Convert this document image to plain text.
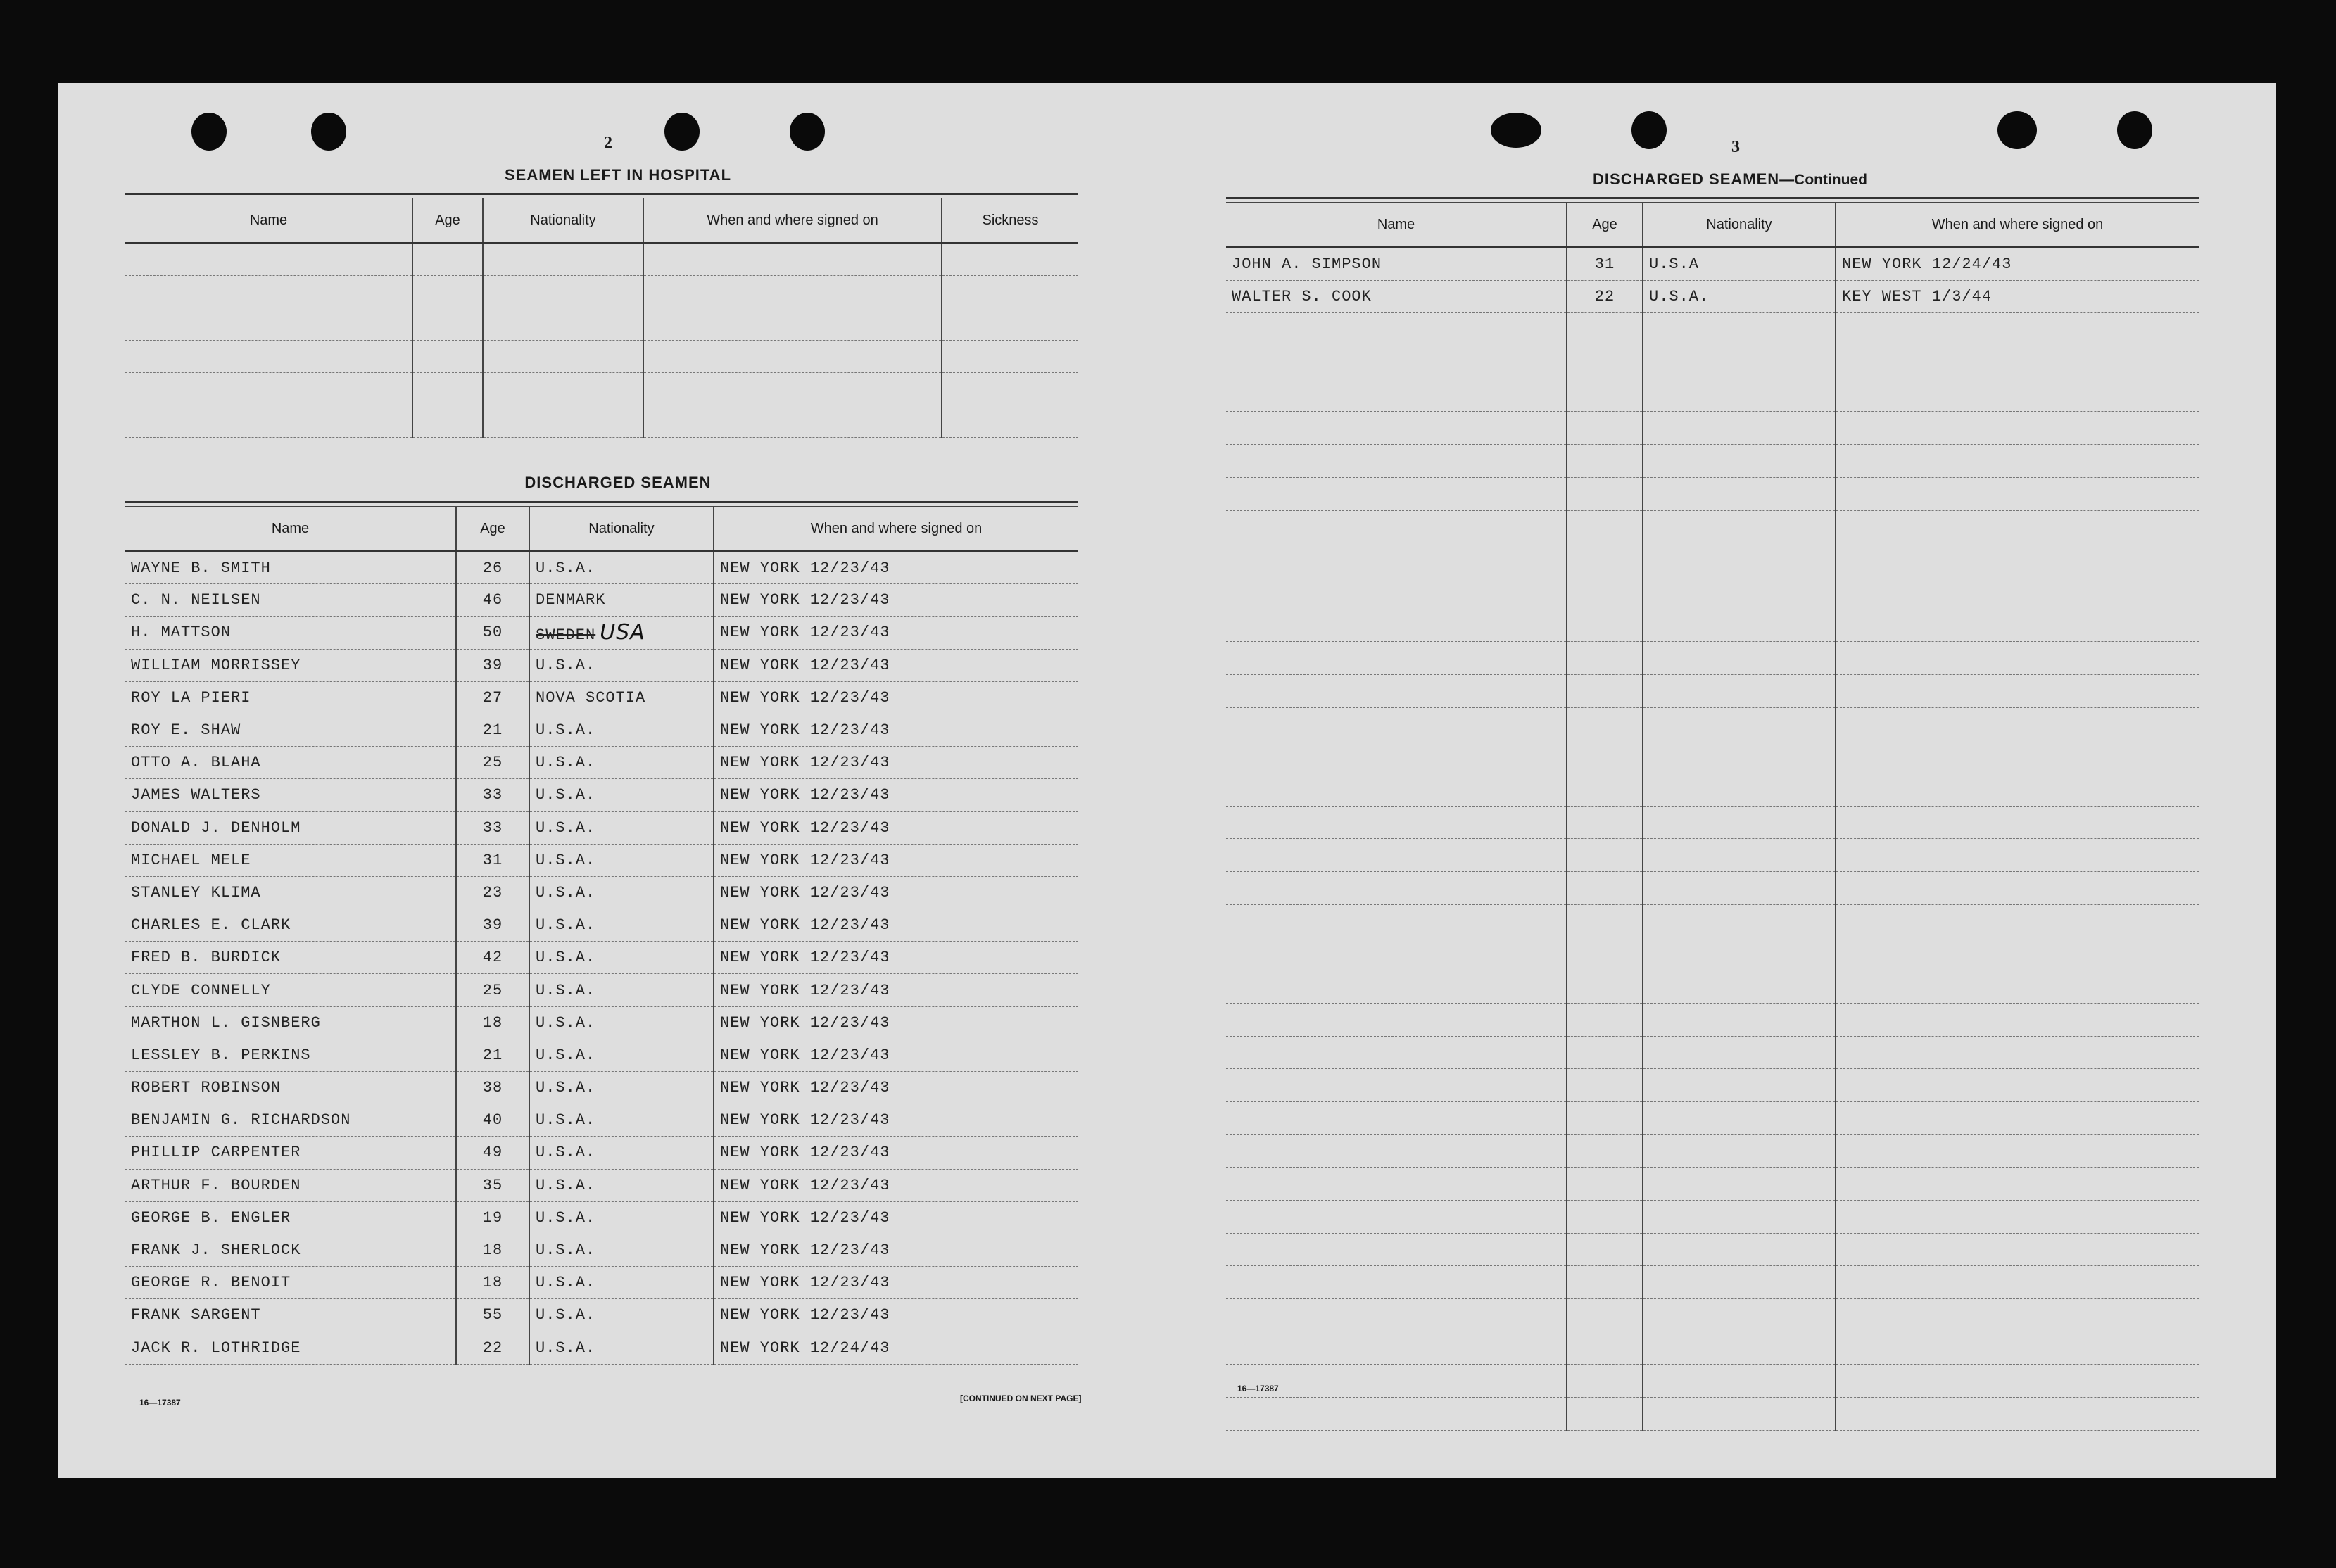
2
SEAMEN LEFT IN HOSPITAL
Name	Age	Nationality	When and where signed on	Sickness

DISCHARGED SEAMEN
Name	Age	Nationality	When and where signed on
WAYNE B. SMITH	26	U.S.A.	NEW YORK 12/23/43
C. N. NEILSEN	46	DENMARK	NEW YORK 12/23/43
H. MATTSON	50	SWEDEN USA	NEW YORK 12/23/43
WILLIAM MORRISSEY	39	U.S.A.	NEW YORK 12/23/43
ROY LA PIERI	27	NOVA SCOTIA	NEW YORK 12/23/43
ROY E. SHAW	21	U.S.A.	NEW YORK 12/23/43
OTTO A. BLAHA	25	U.S.A.	NEW YORK 12/23/43
JAMES WALTERS	33	U.S.A.	NEW YORK 12/23/43
DONALD J. DENHOLM	33	U.S.A.	NEW YORK 12/23/43
MICHAEL MELE	31	U.S.A.	NEW YORK 12/23/43
STANLEY KLIMA	23	U.S.A.	NEW YORK 12/23/43
CHARLES E. CLARK	39	U.S.A.	NEW YORK 12/23/43
FRED B. BURDICK	42	U.S.A.	NEW YORK 12/23/43
CLYDE CONNELLY	25	U.S.A.	NEW YORK 12/23/43
MARTHON L. GISNBERG	18	U.S.A.	NEW YORK 12/23/43
LESSLEY B. PERKINS	21	U.S.A.	NEW YORK 12/23/43
ROBERT ROBINSON	38	U.S.A.	NEW YORK 12/23/43
BENJAMIN G. RICHARDSON	40	U.S.A.	NEW YORK 12/23/43
PHILLIP CARPENTER	49	U.S.A.	NEW YORK 12/23/43
ARTHUR F. BOURDEN	35	U.S.A.	NEW YORK 12/23/43
GEORGE B. ENGLER	19	U.S.A.	NEW YORK 12/23/43
FRANK J. SHERLOCK	18	U.S.A.	NEW YORK 12/23/43
GEORGE R. BENOIT	18	U.S.A.	NEW YORK 12/23/43
FRANK SARGENT	55	U.S.A.	NEW YORK 12/23/43
JACK R. LOTHRIDGE	22	U.S.A.	NEW YORK 12/24/43
16—17387	[CONTINUED ON NEXT PAGE]
3
DISCHARGED SEAMEN—Continued
Name	Age	Nationality	When and where signed on
JOHN A. SIMPSON	31	U.S.A	NEW YORK 12/24/43
WALTER S. COOK	22	U.S.A.	KEY WEST 1/3/44

16—17387
